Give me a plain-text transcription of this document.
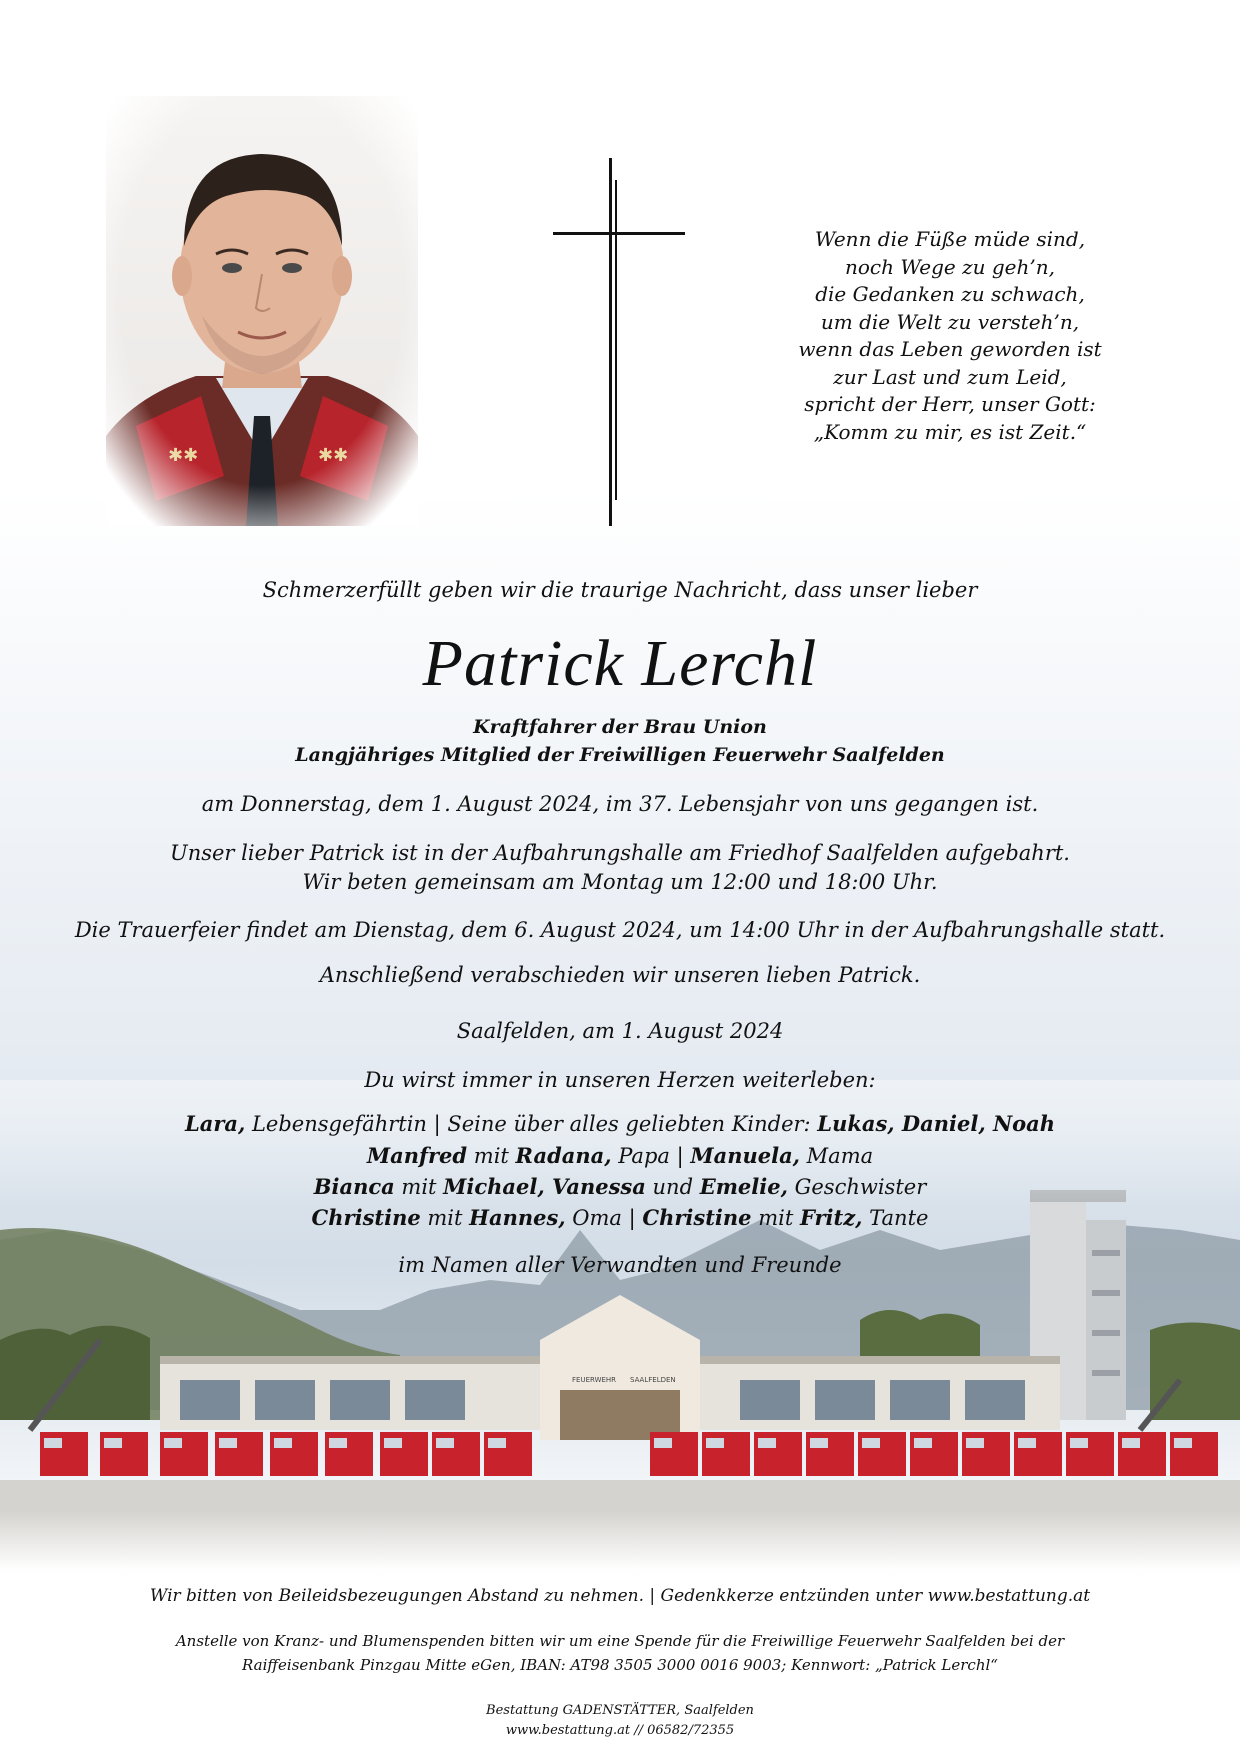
Wenn die Füße müde sind,
noch Wege zu geh’n,
die Gedanken zu schwach,
um die Welt zu versteh’n,
wenn das Leben geworden ist
zur Last und zum Leid,
spricht der Herr, unser Gott:
„Komm zu mir, es ist Zeit.“
Schmerzerfüllt geben wir die traurige Nachricht, dass unser lieber
Patrick Lerchl
Kraftfahrer der Brau Union
Langjähriges Mitglied der Freiwilligen Feuerwehr Saalfelden
am Donnerstag, dem 1. August 2024, im 37. Lebensjahr von uns gegangen ist.
Unser lieber Patrick ist in der Aufbahrungshalle am Friedhof Saalfelden aufgebahrt.
Wir beten gemeinsam am Montag um 12:00 und 18:00 Uhr.
Die Trauerfeier findet am Dienstag, dem 6. August 2024, um 14:00 Uhr in der Aufbahrungshalle statt.
Anschließend verabschieden wir unseren lieben Patrick.
Saalfelden, am 1. August 2024
Du wirst immer in unseren Herzen weiterleben:
Lara, Lebensgefährtin | Seine über alles geliebten Kinder: Lukas, Daniel, Noah
Manfred mit Radana, Papa | Manuela, Mama
Bianca mit Michael, Vanessa und Emelie, Geschwister
Christine mit Hannes, Oma | Christine mit Fritz, Tante
im Namen aller Verwandten und Freunde
Wir bitten von Beileidsbezeugungen Abstand zu nehmen. | Gedenkkerze entzünden unter www.bestattung.at
Anstelle von Kranz- und Blumenspenden bitten wir um eine Spende für die Freiwillige Feuerwehr Saalfelden bei der
Raiffeisenbank Pinzgau Mitte eGen, IBAN: AT98 3505 3000 0016 9003; Kennwort: „Patrick Lerchl“
Bestattung GADENSTÄTTER, Saalfelden
www.bestattung.at // 06582/72355
